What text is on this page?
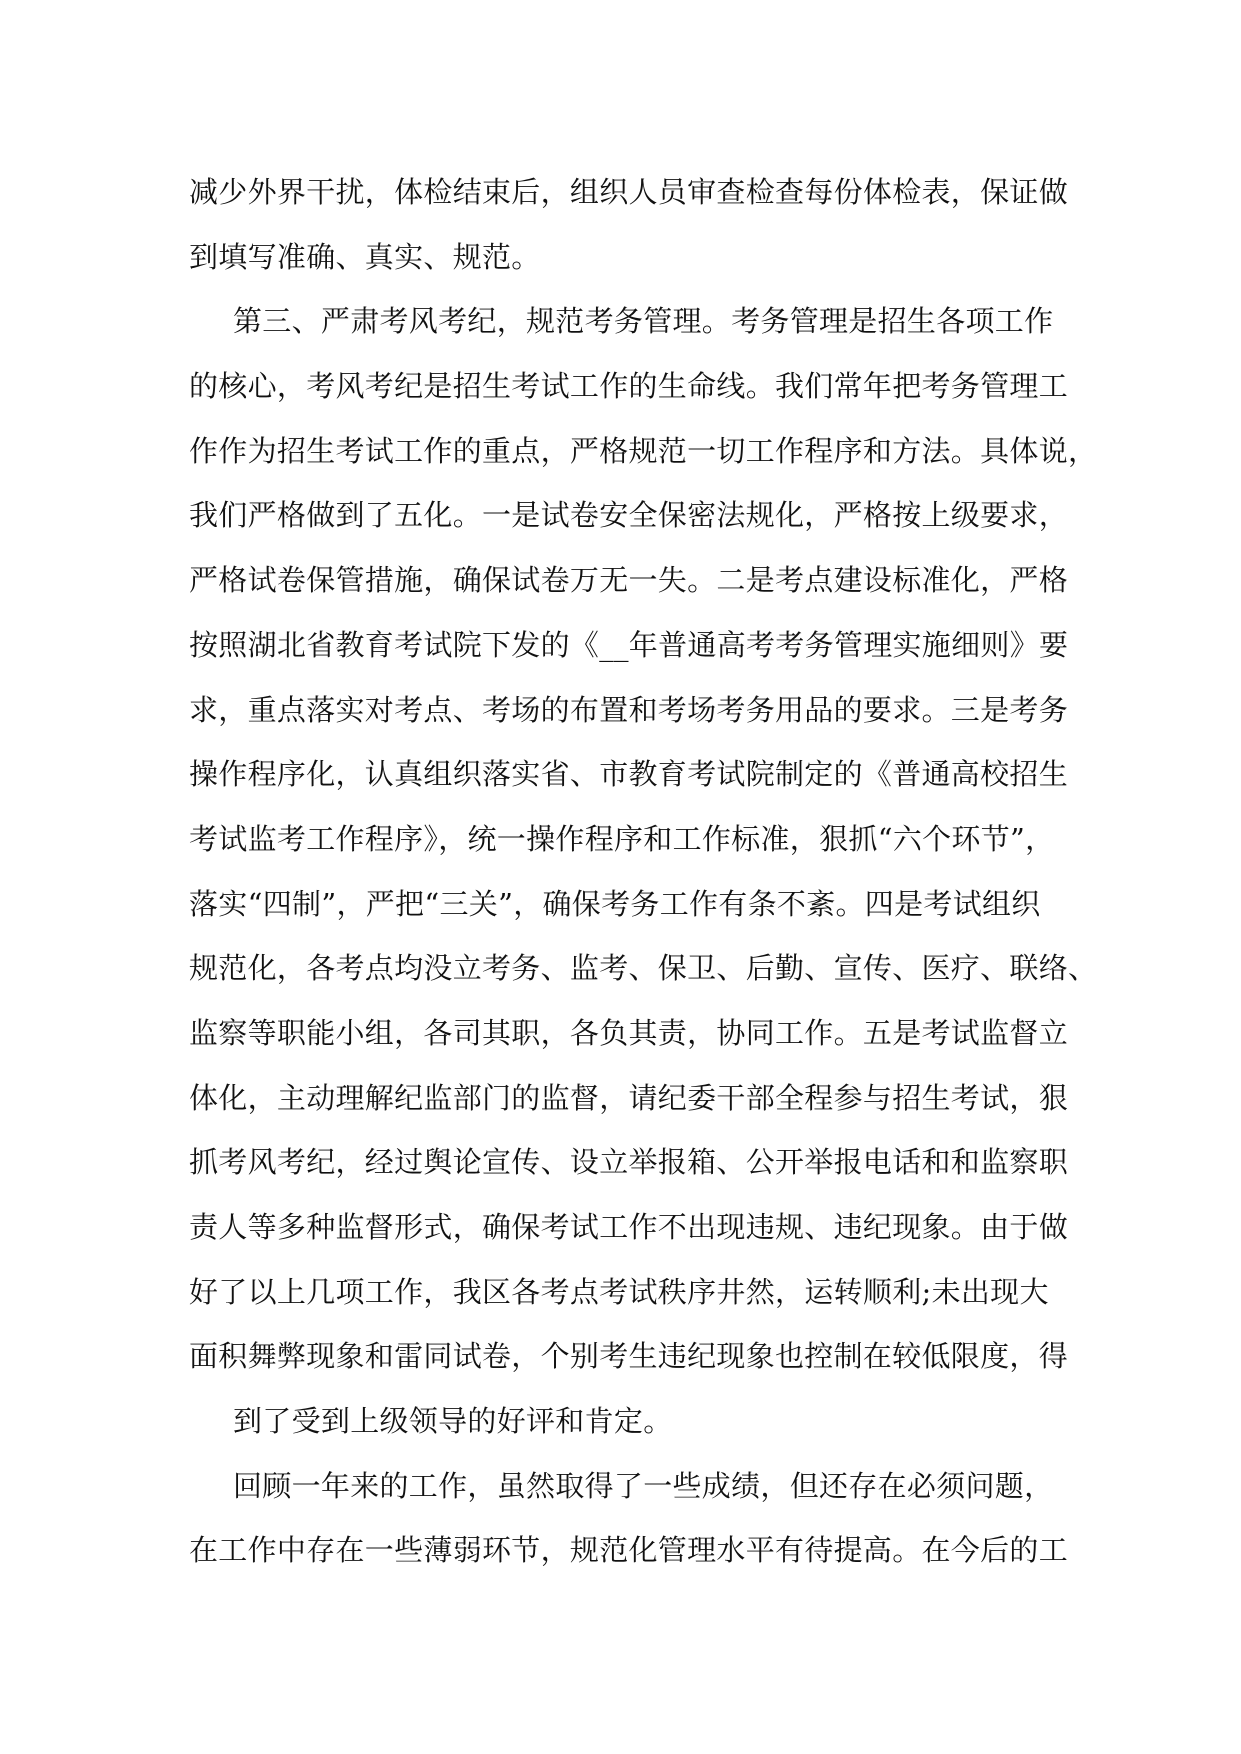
减少外界干扰，体检结束后，组织人员审查检查每份体检表，保证做
到填写准确、真实、规范。
第三、严肃考风考纪，规范考务管理。考务管理是招生各项工作
的核心，考风考纪是招生考试工作的生命线。我们常年把考务管理工
作作为招生考试工作的重点，严格规范一切工作程序和方法。具体说，
我们严格做到了五化。一是试卷安全保密法规化，严格按上级要求，
严格试卷保管措施，确保试卷万无一失。二是考点建设标准化，严格
按照湖北省教育考试院下发的《__年普通高考考务管理实施细则》要
求，重点落实对考点、考场的布置和考场考务用品的要求。三是考务
操作程序化，认真组织落实省、市教育考试院制定的《普通高校招生
考试监考工作程序》，统一操作程序和工作标准，狠抓“六个环节”，
落实“四制”，严把“三关”，确保考务工作有条不紊。四是考试组织
规范化，各考点均没立考务、监考、保卫、后勤、宣传、医疗、联络、
监察等职能小组，各司其职，各负其责，协同工作。五是考试监督立
体化，主动理解纪监部门的监督，请纪委干部全程参与招生考试，狠
抓考风考纪，经过舆论宣传、设立举报箱、公开举报电话和和监察职
责人等多种监督形式，确保考试工作不出现违规、违纪现象。由于做
好了以上几项工作，我区各考点考试秩序井然，运转顺利;未出现大
面积舞弊现象和雷同试卷，个别考生违纪现象也控制在较低限度，得
到了受到上级领导的好评和肯定。
回顾一年来的工作，虽然取得了一些成绩，但还存在必须问题，
在工作中存在一些薄弱环节，规范化管理水平有待提高。在今后的工
